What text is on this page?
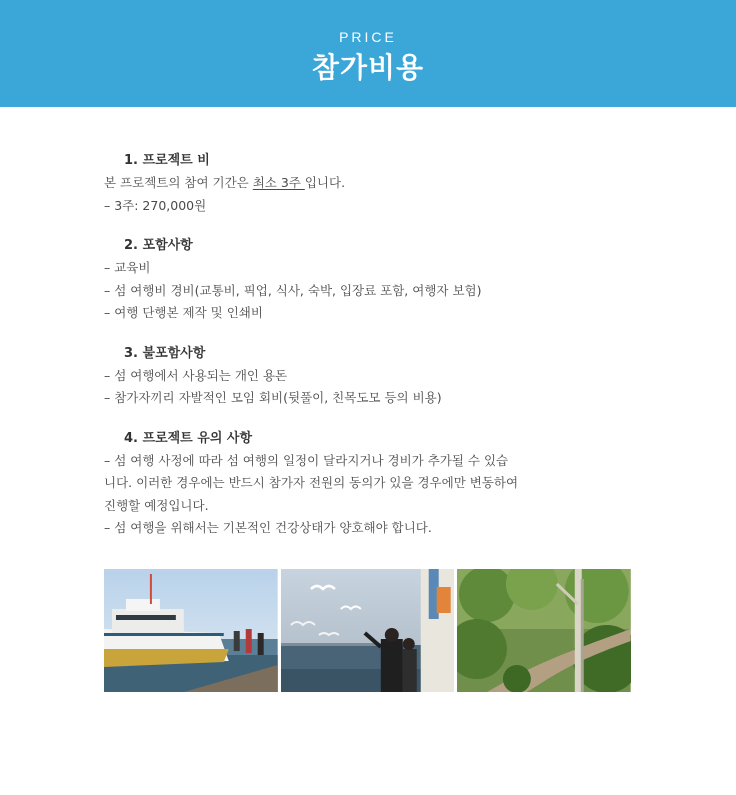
PRICE
참가비용
1. 프로젝트 비
본 프로젝트의 참여 기간은 최소 3주 입니다.
– 3주: 270,000원
2. 포함사항
– 교육비
– 섬 여행비 경비(교통비, 픽업, 식사, 숙박, 입장료 포함, 여행자 보험)
– 여행 단행본 제작 및 인쇄비
3. 불포함사항
– 섬 여행에서 사용되는 개인 용돈
– 참가자끼리 자발적인 모임 회비(뒷풀이, 친목도모 등의 비용)
4. 프로젝트 유의 사항
– 섬 여행 사정에 따라 섬 여행의 일정이 달라지거나 경비가 추가될 수 있습
니다. 이러한 경우에는 반드시 참가자 전원의 동의가 있을 경우에만 변동하여
진행할 예정입니다.
– 섬 여행을 위해서는 기본적인 건강상태가 양호해야 합니다.
